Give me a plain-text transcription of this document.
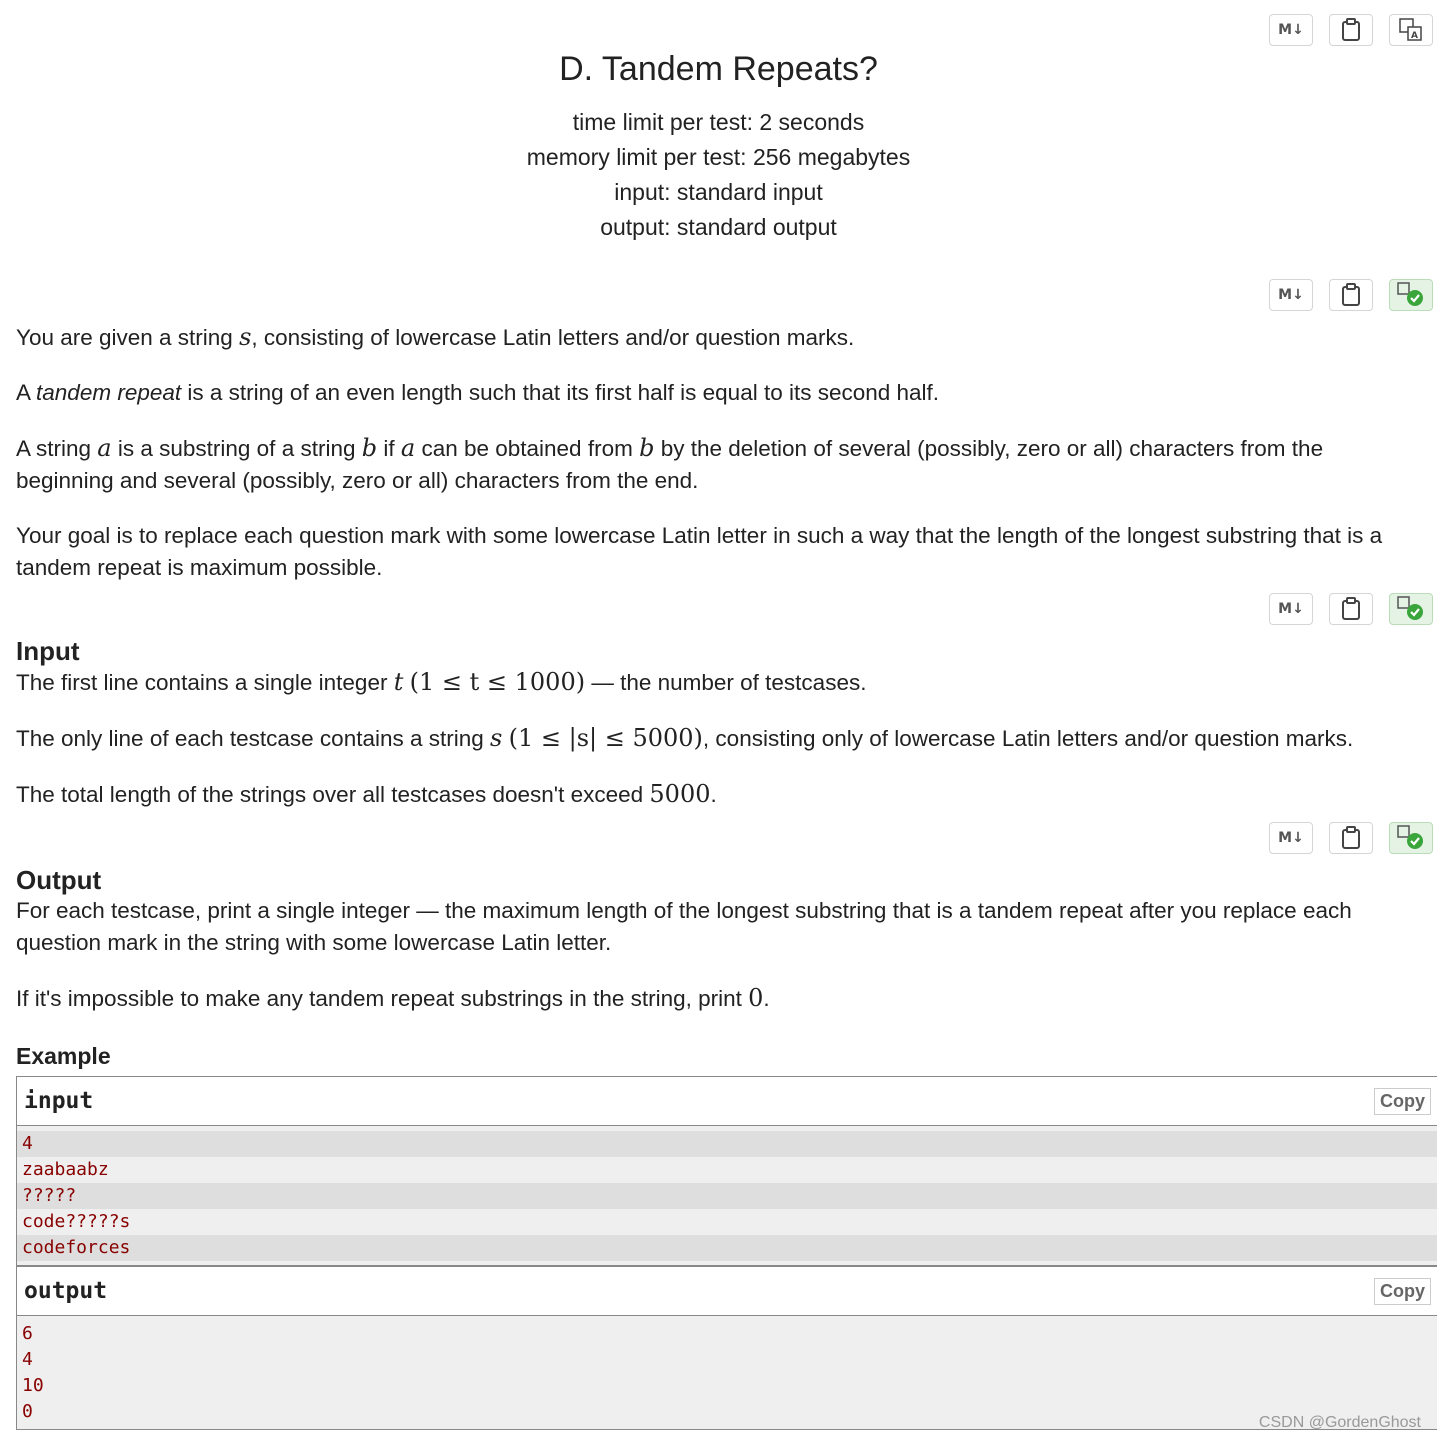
M↓	A
D. Tandem Repeats?
time limit per test: 2 seconds
memory limit per test: 256 megabytes
input: standard input
output: standard output
M↓

You are given a string s, consisting of lowercase Latin letters and/or question marks.

A tandem repeat is a string of an even length such that its first half is equal to its second half.

A string a is a substring of a string b if a can be obtained from b by the deletion of several (possibly, zero or all) characters from the beginning and several (possibly, zero or all) characters from the end.

Your goal is to replace each question mark with some lowercase Latin letter in such a way that the length of the longest substring that is a tandem repeat is maximum possible.

M↓
Input

The first line contains a single integer t (1 ≤ t ≤ 1000) — the number of testcases.

The only line of each testcase contains a string s (1 ≤ |s| ≤ 5000), consisting only of lowercase Latin letters and/or question marks.

The total length of the strings over all testcases doesn't exceed 5000.

M↓
Output

For each testcase, print a single integer — the maximum length of the longest substring that is a tandem repeat after you replace each question mark in the string with some lowercase Latin letter.

If it's impossible to make any tandem repeat substrings in the string, print 0.

Example
input	Copy
4
zaabaabz
?????
code?????s
codeforces
output	Copy
6
4
10
0
CSDN @GordenGhost
